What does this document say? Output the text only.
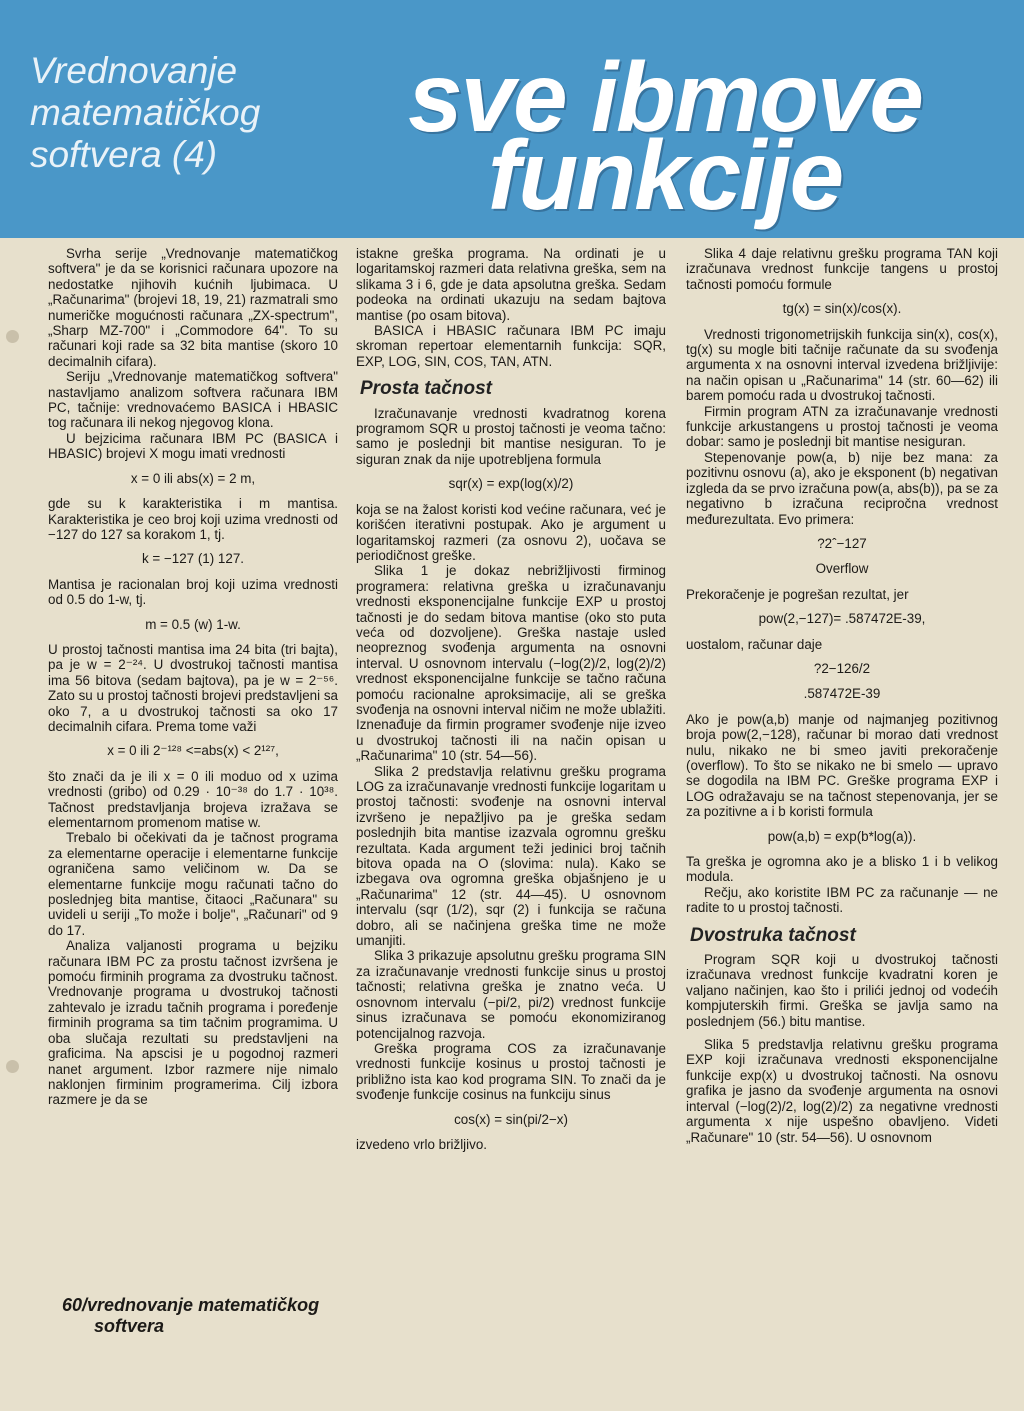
Vrednovanje
matematičkog
softvera (4)
sve ibmove
funkcije

Svrha serije „Vrednovanje matematičkog softvera" je da se korisnici računara upozore na nedostatke njihovih kućnih ljubimaca. U „Računarima" (brojevi 18, 19, 21) razmatrali smo numeričke mogućnosti računara „ZX-spectrum", „Sharp MZ-700" i „Commodore 64". To su računari koji rade sa 32 bita mantise (skoro 10 decimalnih cifara).

Seriju „Vrednovanje matematičkog softvera" nastavljamo analizom softvera računara IBM PC, tačnije: vrednovaćemo BASICA i HBASIC tog računara ili nekog njegovog klona.

U bejzicima računara IBM PC (BASICA i HBASIC) brojevi X mogu imati vrednosti

x = 0 ili abs(x) = 2 m,

gde su k karakteristika i m mantisa. Karakteristika je ceo broj koji uzima vrednosti od −127 do 127 sa korakom 1, tj.

k = −127 (1) 127.

Mantisa je racionalan broj koji uzima vrednosti od 0.5 do 1-w, tj.

m = 0.5 (w) 1-w.

U prostoj tačnosti mantisa ima 24 bita (tri bajta), pa je w = 2⁻²⁴. U dvostrukoj tačnosti mantisa ima 56 bitova (sedam bajtova), pa je w = 2⁻⁵⁶. Zato su u prostoj tačnosti brojevi predstavljeni sa oko 7, a u dvostrukoj tačnosti sa oko 17 decimalnih cifara. Prema tome važi

x = 0 ili 2⁻¹²⁸ <=abs(x) < 2¹²⁷,

što znači da je ili x = 0 ili moduo od x uzima vrednosti (gribo) od 0.29 · 10⁻³⁸ do 1.7 · 10³⁸. Tačnost predstavljanja brojeva izražava se elementarnom promenom matise w.

Trebalo bi očekivati da je tačnost programa za elementarne operacije i elementarne funkcije ograničena samo veličinom w. Da se elementarne funkcije mogu računati tačno do poslednjeg bita mantise, čitaoci „Računara" su uvideli u seriji „To može i bolje", „Računari" od 9 do 17.

Analiza valjanosti programa u bejziku računara IBM PC za prostu tačnost izvršena je pomoću firminih programa za dvostruku tačnost. Vrednovanje programa u dvostrukoj tačnosti zahtevalo je izradu tačnih programa i poređenje firminih programa sa tim tačnim programima. U oba slučaja rezultati su predstavljeni na graficima. Na apscisi je u pogodnoj razmeri nanet argument. Izbor razmere nije nimalo naklonjen firminim programerima. Cilj izbora razmere je da se

istakne greška programa. Na ordinati je u logaritamskoj razmeri data relativna greška, sem na slikama 3 i 6, gde je data apsolutna greška. Sedam podeoka na ordinati ukazuju na sedam bajtova mantise (po osam bitova).

BASICA i HBASIC računara IBM PC imaju skroman repertoar elementarnih funkcija: SQR, EXP, LOG, SIN, COS, TAN, ATN.

Prosta tačnost

Izračunavanje vrednosti kvadratnog korena programom SQR u prostoj tačnosti je veoma tačno: samo je poslednji bit mantise nesiguran. To je siguran znak da nije upotrebljena formula

sqr(x) = exp(log(x)/2)

koja se na žalost koristi kod većine računara, već je korišćen iterativni postupak. Ako je argument u logaritamskoj razmeri (za osnovu 2), uočava se periodičnost greške.

Slika 1 je dokaz nebrižljivosti firminog programera: relativna greška u izračunavanju vrednosti eksponencijalne funkcije EXP u prostoj tačnosti je do sedam bitova mantise (oko sto puta veća od dozvoljene). Greška nastaje usled neopreznog svođenja argumenta na osnovni interval. U osnovnom intervalu (−log(2)/2, log(2)/2) vrednost eksponencijalne funkcije se tačno računa pomoću racionalne aproksimacije, ali se greška svođenja na osnovni interval ničim ne može ublažiti. Iznenađuje da firmin programer svođenje nije izveo u dvostrukoj tačnosti ili na način opisan u „Računarima" 10 (str. 54—56).

Slika 2 predstavlja relativnu grešku programa LOG za izračunavanje vrednosti funkcije logaritam u prostoj tačnosti: svođenje na osnovni interval izvršeno je nepažljivo pa je greška sedam poslednjih bita mantise izazvala ogromnu grešku rezultata. Kada argument teži jedinici broj tačnih bitova opada na O (slovima: nula). Kako se izbegava ova ogromna greška objašnjeno je u „Računarima" 12 (str. 44—45). U osnovnom intervalu (sqr (1/2), sqr (2) i funkcija se računa dobro, ali se načinjena greška time ne može umanjiti.

Slika 3 prikazuje apsolutnu grešku programa SIN za izračunavanje vrednosti funkcije sinus u prostoj tačnosti; relativna greška je znatno veća. U osnovnom intervalu (−pi/2, pi/2) vrednost funkcije sinus izračunava se pomoću ekonomiziranog potencijalnog razvoja.

Greška programa COS za izračunavanje vrednosti funkcije kosinus u prostoj tačnosti je približno ista kao kod programa SIN. To znači da je svođenje funkcije cosinus na funkciju sinus

cos(x) = sin(pi/2−x)

izvedeno vrlo brižljivo.

Slika 4 daje relativnu grešku programa TAN koji izračunava vrednost funkcije tangens u prostoj tačnosti pomoću formule

tg(x) = sin(x)/cos(x).

Vrednosti trigonometrijskih funkcija sin(x), cos(x), tg(x) su mogle biti tačnije računate da su svođenja argumenta x na osnovni interval izvedena brižljivije: na način opisan u „Računarima" 14 (str. 60—62) ili barem pomoću rada u dvostrukoj tačnosti.

Firmin program ATN za izračunavanje vrednosti funkcije arkustangens u prostoj tačnosti je veoma dobar: samo je poslednji bit mantise nesiguran.

Stepenovanje pow(a, b) nije bez mana: za pozitivnu osnovu (a), ako je eksponent (b) negativan izgleda da se prvo izračuna pow(a, abs(b)), pa se za negativno b izračuna recipročna vrednost međurezultata. Evo primera:

?2ˆ−127
Overflow

Prekoračenje je pogrešan rezultat, jer

pow(2,−127)= .587472E-39,

uostalom, računar daje

?2−126/2
.587472E-39

Ako je pow(a,b) manje od najmanjeg pozitivnog broja pow(2,−128), računar bi morao dati vrednost nulu, nikako ne bi smeo javiti prekoračenje (overflow). To što se nikako ne bi smelo — upravo se dogodila na IBM PC. Greške programa EXP i LOG odražavaju se na tačnost stepenovanja, jer se za pozitivne a i b koristi formula

pow(a,b) = exp(b*log(a)).

Ta greška je ogromna ako je a blisko 1 i b velikog modula.

Rečju, ako koristite IBM PC za računanje — ne radite to u prostoj tačnosti.

Dvostruka tačnost

Program SQR koji u dvostrukoj tačnosti izračunava vrednost funkcije kvadratni koren je valjano načinjen, kao što i prilići jednoj od vodećih kompjuterskih firmi. Greška se javlja samo na poslednjem (56.) bitu mantise.

Slika 5 predstavlja relativnu grešku programa EXP koji izračunava vrednosti eksponencijalne funkcije exp(x) u dvostrukoj tačnosti. Na osnovu grafika je jasno da svođenje argumenta na osnovi interval (−log(2)/2, log(2)/2) za negativne vrednosti argumenta x nije uspešno obavljeno. Videti „Računare" 10 (str. 54—56). U osnovnom

60/vrednovanje matematičkog
softvera
